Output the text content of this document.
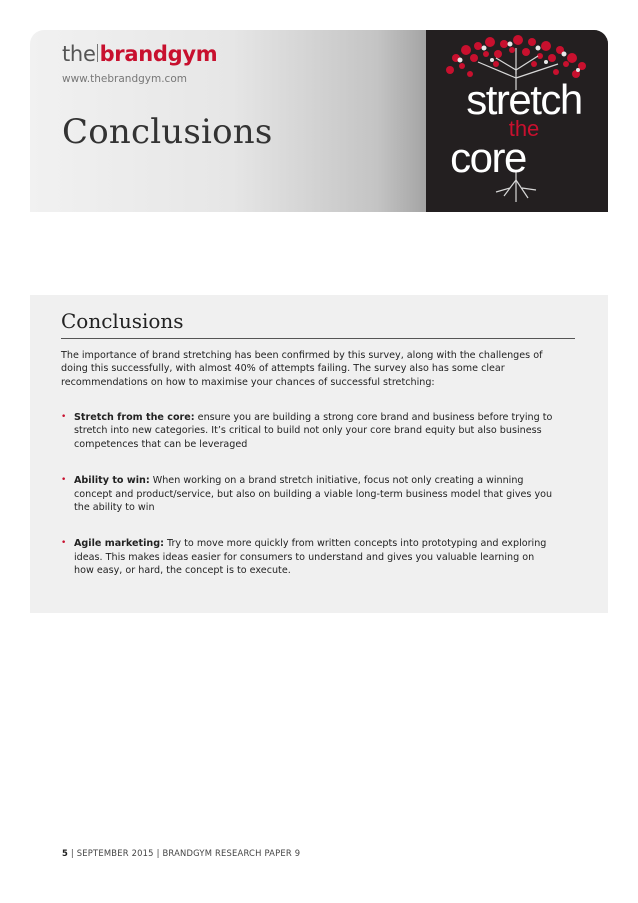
the brandgym
www.thebrandgym.com
Conclusions
stretch
the
core
Conclusions

The importance of brand stretching has been confirmed by this survey, along with the challenges of doing this successfully, with almost 40% of attempts failing. The survey also has some clear recommendations on how to maximise your chances of successful stretching:

• Stretch from the core: ensure you are building a strong core brand and business before trying to stretch into new categories. It’s critical to build not only your core brand equity but also business competences that can be leveraged
• Ability to win: When working on a brand stretch initiative, focus not only creating a winning concept and product/service, but also on building a viable long-term business model that gives you the ability to win
• Agile marketing: Try to move more quickly from written concepts into prototyping and exploring ideas. This makes ideas easier for consumers to understand and gives you valuable learning on how easy, or hard, the concept is to execute.
5 | SEPTEMBER 2015 | BRANDGYM RESEARCH PAPER 9
